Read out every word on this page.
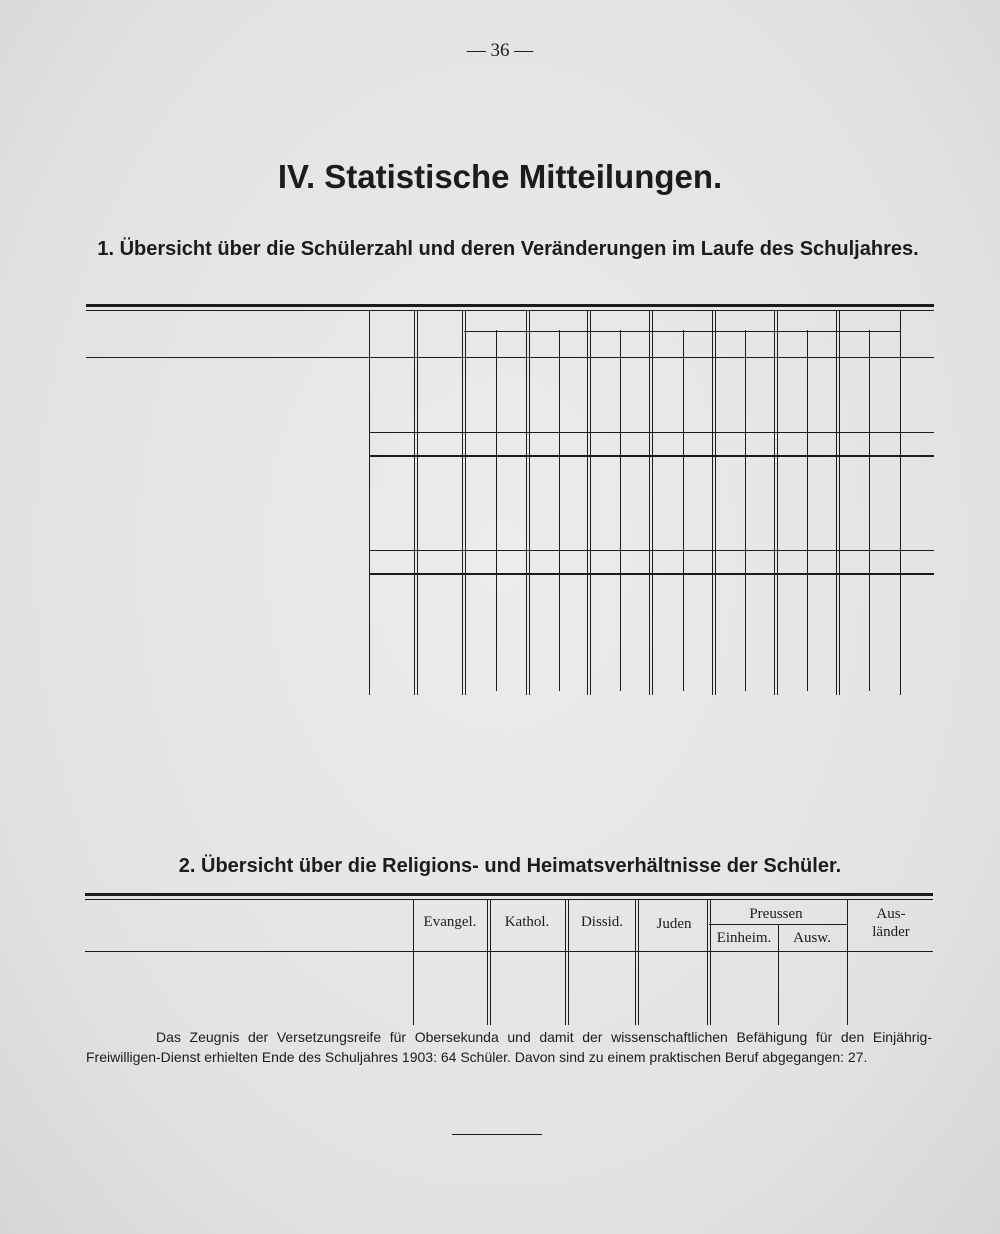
— 36 —
IV. Statistische Mitteilungen.
1. Übersicht über die Schülerzahl und deren Veränderungen im Laufe des Schuljahres.
2. Übersicht über die Religions- und Heimatsverhältnisse der Schüler.
Evangel.	Kathol.	Dissid.	Juden
Preussen
Einheim.	Ausw.
Aus-
länder
Das Zeugnis der Versetzungsreife für Obersekunda und damit der wissenschaftlichen Befähigung für den Einjährig-Freiwilligen-Dienst erhielten Ende des Schuljahres 1903: 64 Schüler. Davon sind zu einem praktischen Beruf abgegangen: 27.
